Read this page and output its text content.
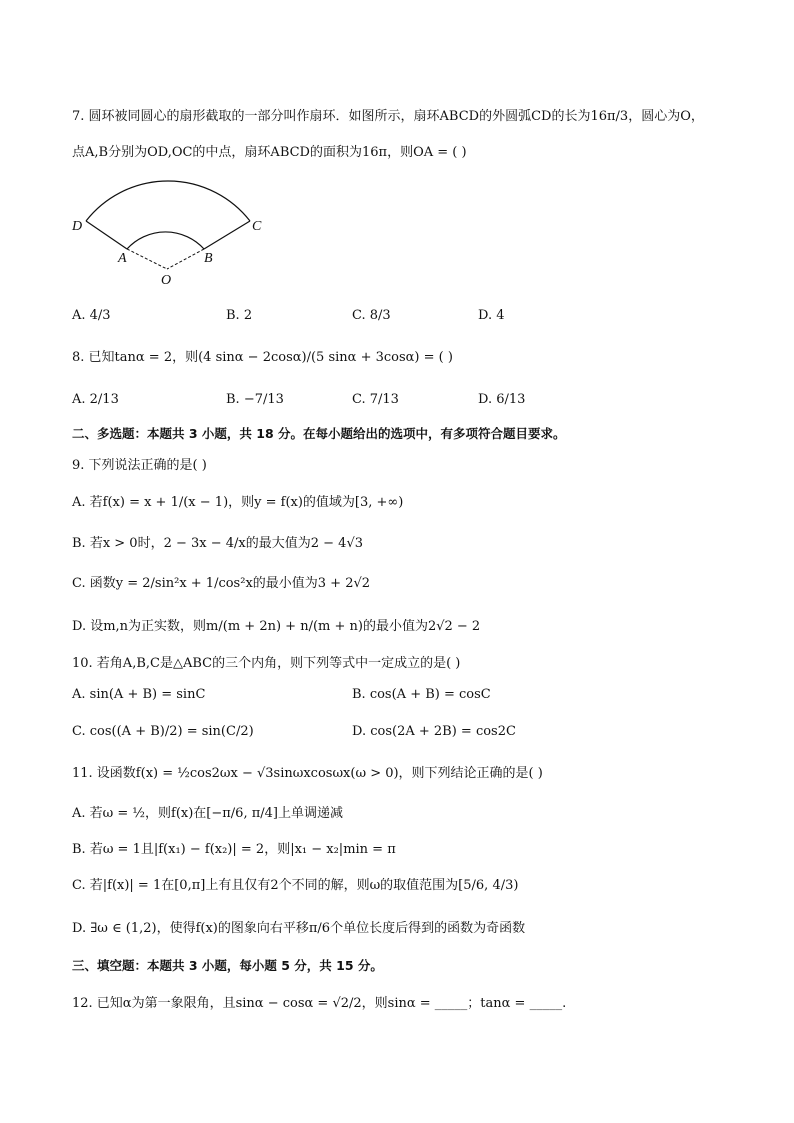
7. 圆环被同圆心的扇形截取的一部分叫作扇环．如图所示，扇环ABCD的外圆弧CD的长为16π/3，圆心为O，
点A,B分别为OD,OC的中点，扇环ABCD的面积为16π，则OA = ( )
D	C
A	B
O
A. 4/3	B. 2	C. 8/3	D. 4
8. 已知tanα = 2，则(4 sinα − 2cosα)/(5 sinα + 3cosα) = ( )
A. 2/13	B. −7/13	C. 7/13	D. 6/13
二、多选题：本题共 3 小题，共 18 分。在每小题给出的选项中，有多项符合题目要求。
9. 下列说法正确的是( )
A. 若f(x) = x + 1/(x − 1)，则y = f(x)的值域为[3, +∞)
B. 若x > 0时，2 − 3x − 4/x的最大值为2 − 4√3
C. 函数y = 2/sin²x + 1/cos²x的最小值为3 + 2√2
D. 设m,n为正实数，则m/(m + 2n) + n/(m + n)的最小值为2√2 − 2
10. 若角A,B,C是△ABC的三个内角，则下列等式中一定成立的是( )
A. sin(A + B) = sinC	B. cos(A + B) = cosC
C. cos((A + B)/2) = sin(C/2)	D. cos(2A + 2B) = cos2C
11. 设函数f(x) = ½cos2ωx − √3sinωxcosωx(ω > 0)，则下列结论正确的是( )
A. 若ω = ½，则f(x)在[−π/6, π/4]上单调递减
B. 若ω = 1且|f(x₁) − f(x₂)| = 2，则|x₁ − x₂|min = π
C. 若|f(x)| = 1在[0,π]上有且仅有2个不同的解，则ω的取值范围为[5/6, 4/3)
D. ∃ω ∈ (1,2)，使得f(x)的图象向右平移π/6个单位长度后得到的函数为奇函数
三、填空题：本题共 3 小题，每小题 5 分，共 15 分。
12. 已知α为第一象限角，且sinα − cosα = √2/2，则sinα = _____；tanα = _____.
